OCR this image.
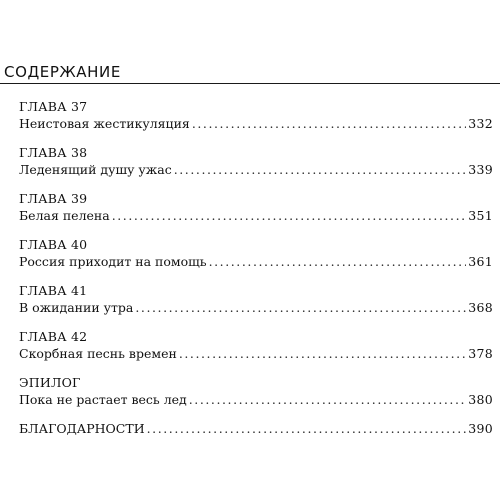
СОДЕРЖАНИЕ
ГЛАВА 37
Неистовая жестикуляция . . .	332
ГЛАВА 38
Леденящий душу ужас . . .	339
ГЛАВА 39
Белая пелена . . .	351
ГЛАВА 40
Россия приходит на помощь . . .	361
ГЛАВА 41
В ожидании утра . . .	368
ГЛАВА 42
Скорбная песнь времен . . .	378
ЭПИЛОГ
Пока не растает весь лед . . .	380
БЛАГОДАРНОСТИ . . .	390
